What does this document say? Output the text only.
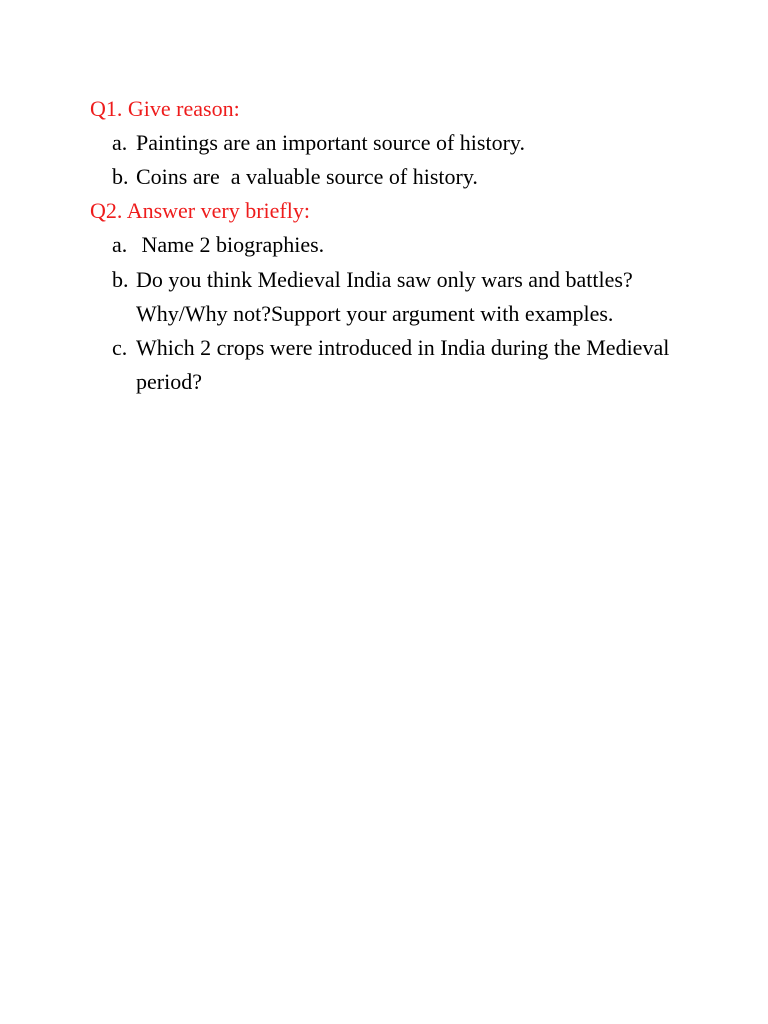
Q1. Give reason:
a. Paintings are an important source of history.
b. Coins are  a valuable source of history.
Q2. Answer very briefly:
a. Name 2 biographies.
b. Do you think Medieval India saw only wars and battles? Why/Why not?Support your argument with examples.
c. Which 2 crops were introduced in India during the Medieval period?
